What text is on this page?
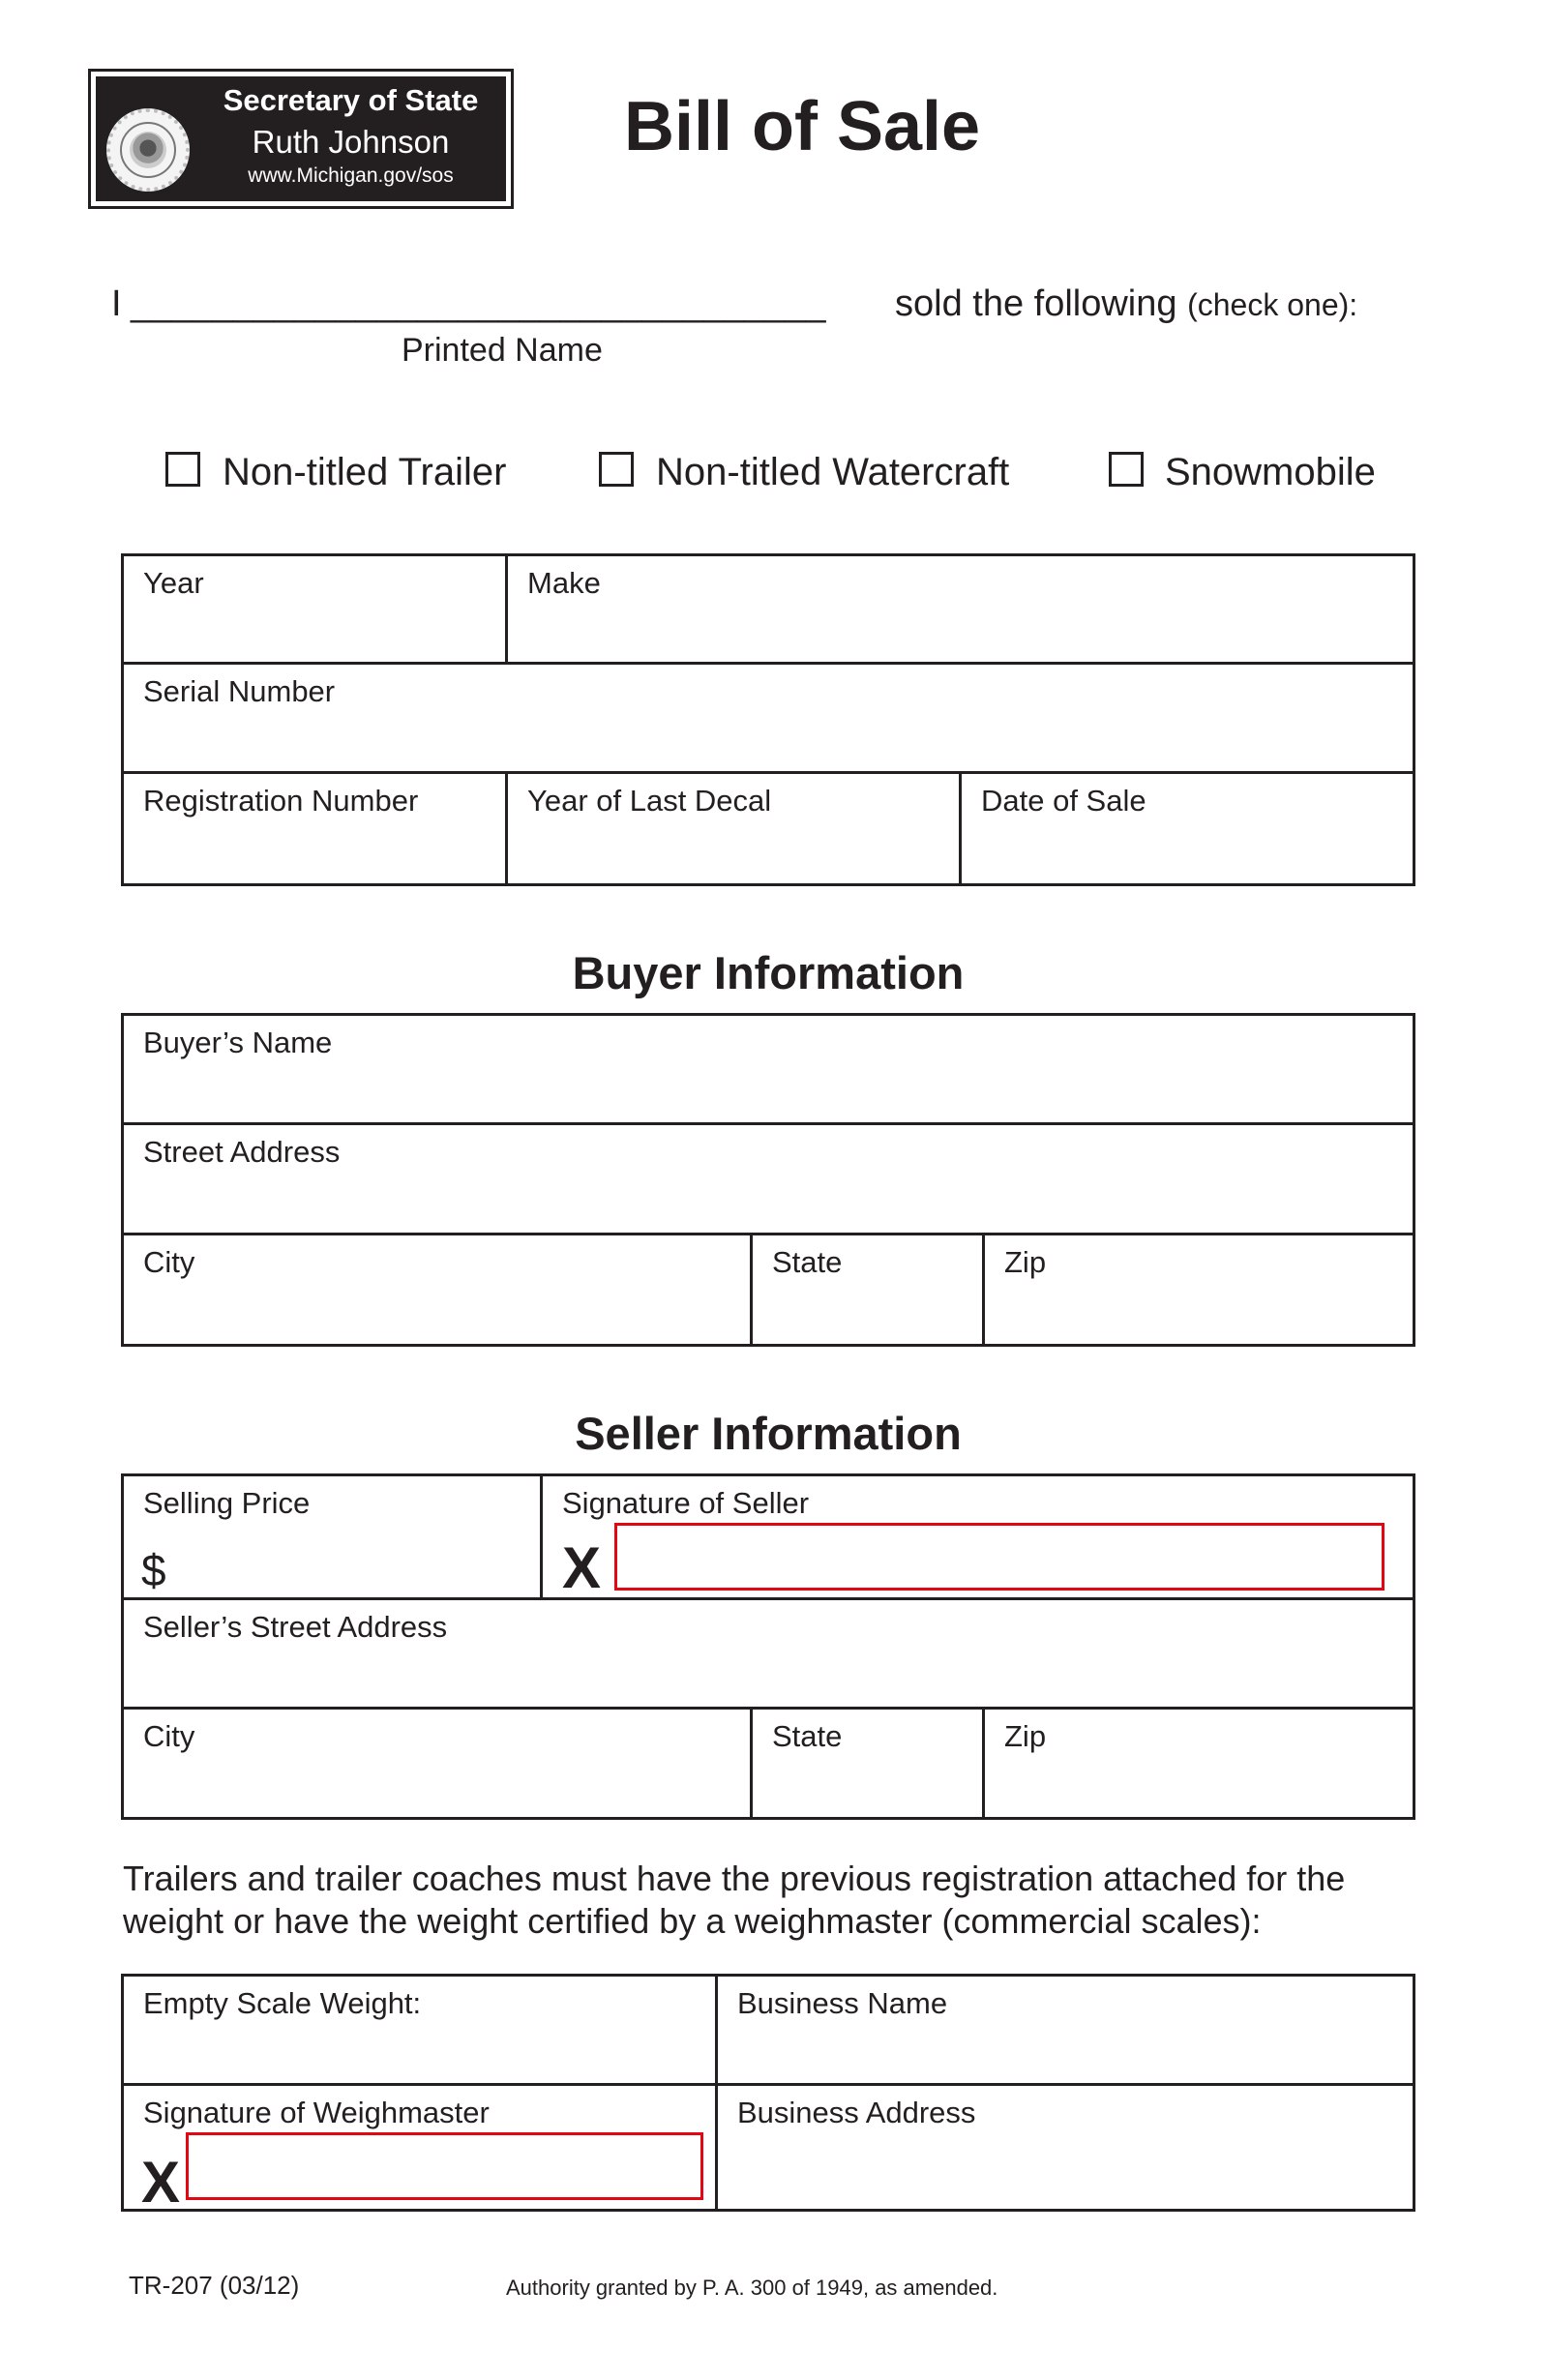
Secretary of State
Ruth Johnson
www.Michigan.gov/sos
Bill of Sale
I __________________________________ sold the following (check one):
Printed Name
Non-titled Trailer	Non-titled Watercraft	Snowmobile
Year	Make
Serial Number
Registration Number	Year of Last Decal	Date of Sale
Buyer Information
Buyer’s Name
Street Address
City	State	Zip
Seller Information
Selling Price
$
Signature of Seller
X
Seller’s Street Address
City	State	Zip
Trailers and trailer coaches must have the previous registration attached for the weight or have the weight certified by a weighmaster (commercial scales):
Empty Scale Weight:	Business Name
Signature of Weighmaster
X
Business Address
TR-207 (03/12)	Authority granted by P. A. 300 of 1949, as amended.
